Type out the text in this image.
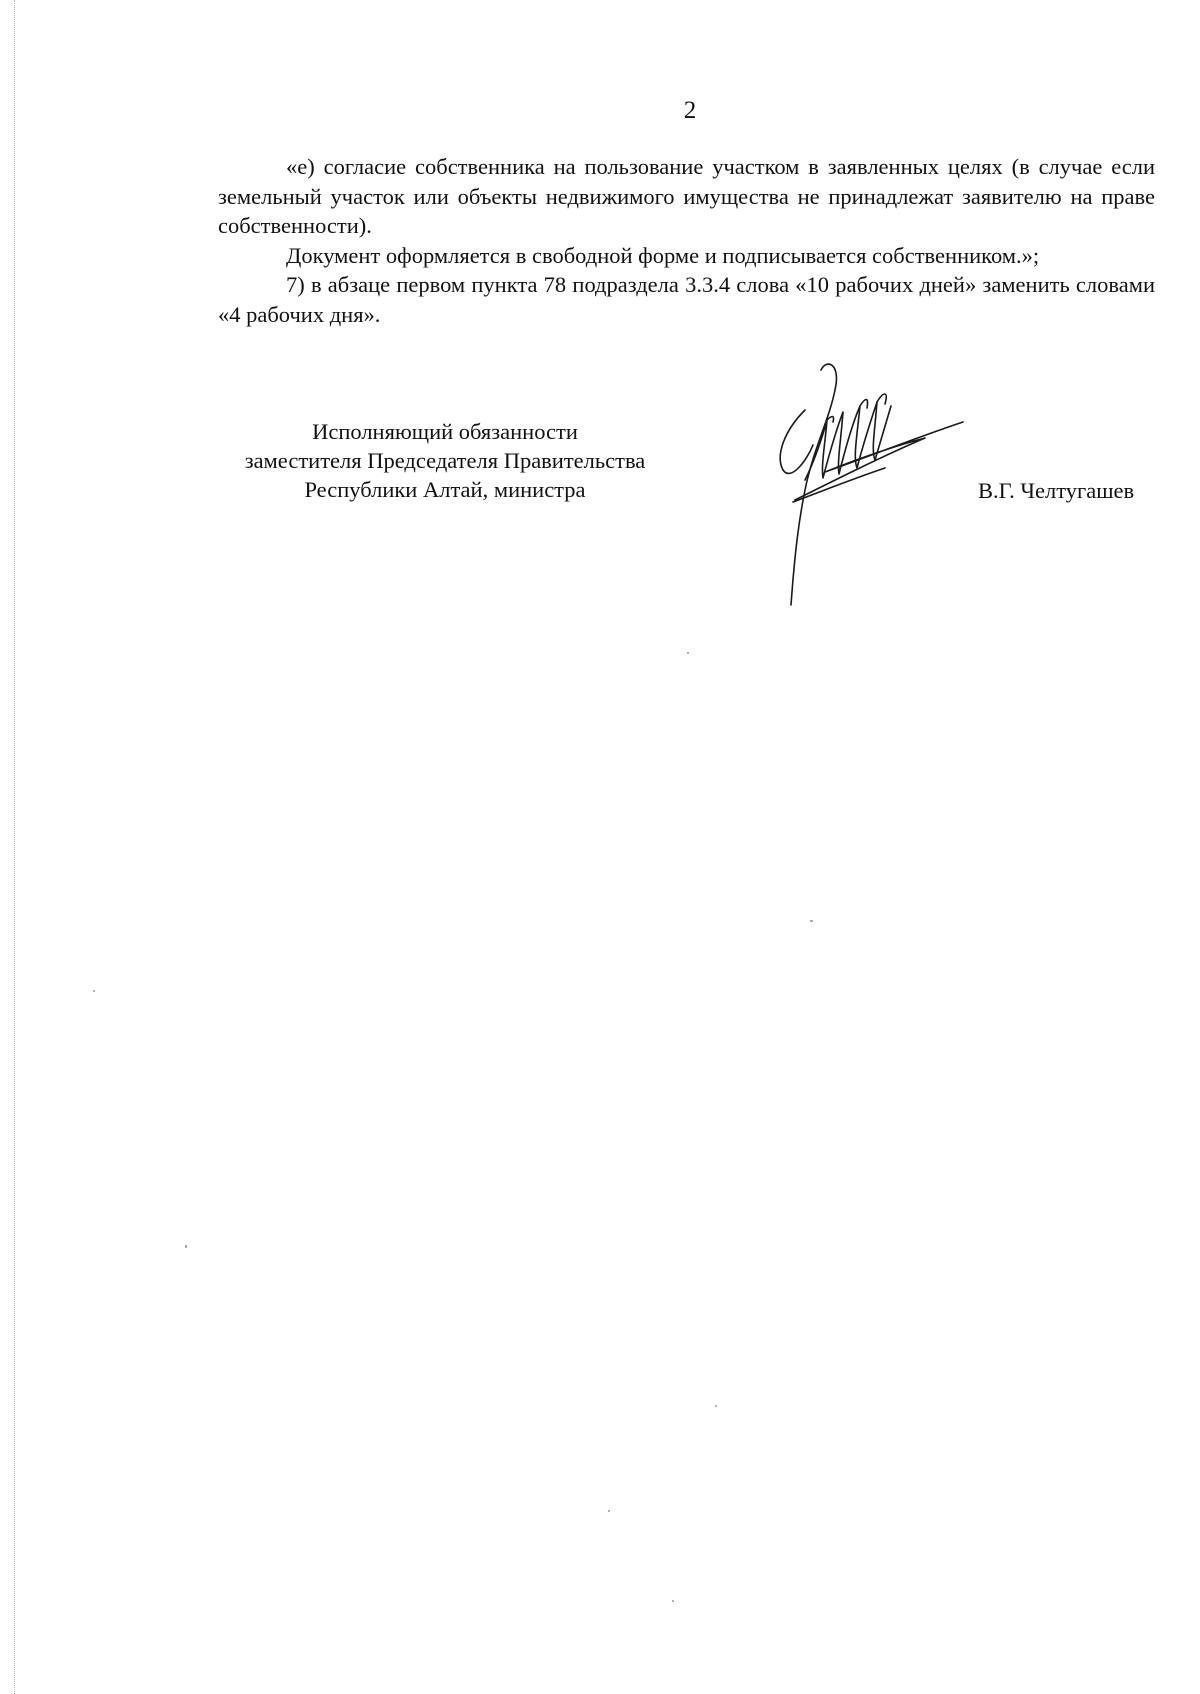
2

«е) согласие собственника на пользование участком в заявленных целях (в случае если земельный участок или объекты недвижимого имущества не принадлежат заявителю на праве собственности).

Документ оформляется в свободной форме и подписывается собственником.»;

7) в абзаце первом пункта 78 подраздела 3.3.4 слова «10 рабочих дней» заменить словами «4 рабочих дня».

Исполняющий обязанности
заместителя Председателя Правительства
Республики Алтай, министра	В.Г. Челтугашев
